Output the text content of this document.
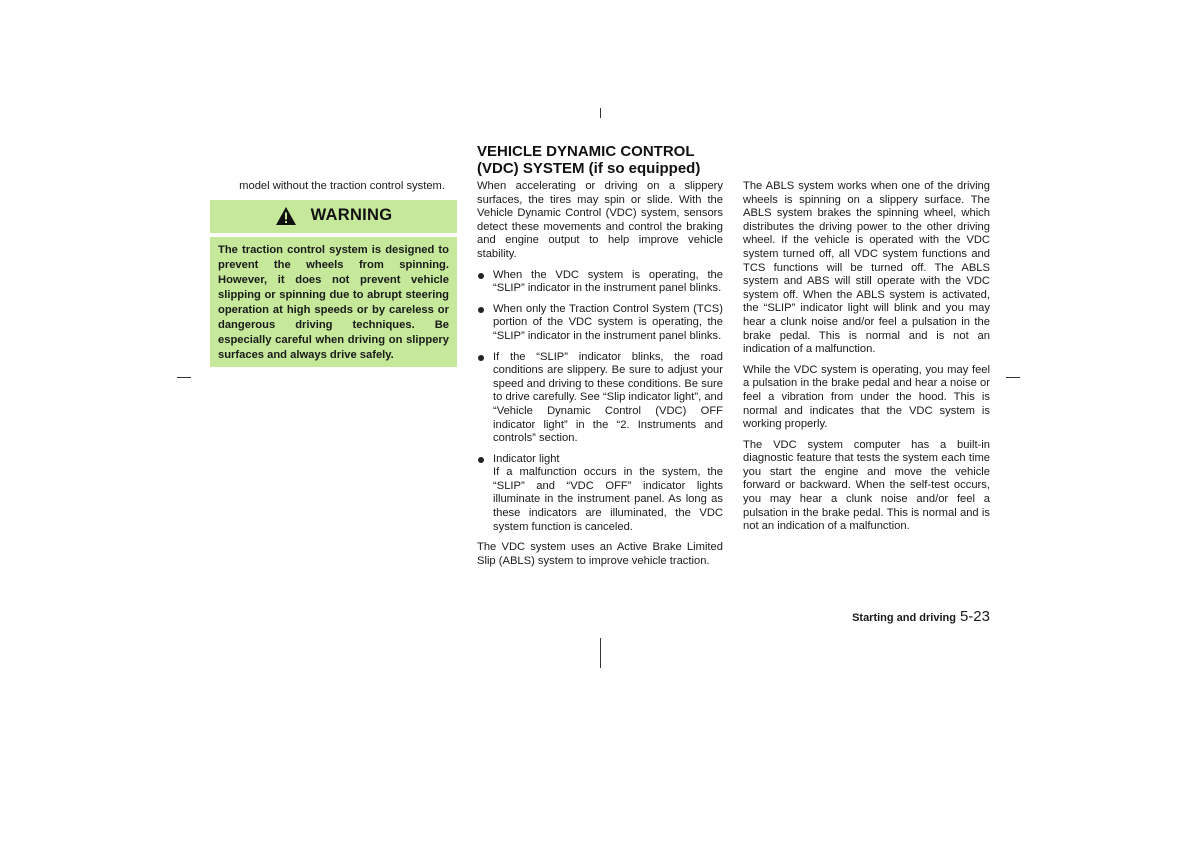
model without the traction control system.
WARNING
The traction control system is designed to prevent the wheels from spinning. However, it does not prevent vehicle slipping or spinning due to abrupt steering operation at high speeds or by careless or dangerous driving techniques. Be especially careful when driving on slippery surfaces and always drive safely.
VEHICLE DYNAMIC CONTROL (VDC) SYSTEM (if so equipped)

When accelerating or driving on a slippery surfaces, the tires may spin or slide. With the Vehicle Dynamic Control (VDC) system, sensors detect these movements and control the braking and engine output to help improve vehicle stability.

When the VDC system is operating, the “SLIP” indicator in the instrument panel blinks.
When only the Traction Control System (TCS) portion of the VDC system is operating, the “SLIP” indicator in the instrument panel blinks.
If the “SLIP” indicator blinks, the road conditions are slippery. Be sure to adjust your speed and driving to these conditions. Be sure to drive carefully. See “Slip indicator light”, and “Vehicle Dynamic Control (VDC) OFF indicator light” in the “2. Instruments and controls” section.
Indicator light
If a malfunction occurs in the system, the “SLIP” and “VDC OFF” indicator lights illuminate in the instrument panel. As long as these indicators are illuminated, the VDC system function is canceled.

The VDC system uses an Active Brake Limited Slip (ABLS) system to improve vehicle traction.

The ABLS system works when one of the driving wheels is spinning on a slippery surface. The ABLS system brakes the spinning wheel, which distributes the driving power to the other driving wheel. If the vehicle is operated with the VDC system turned off, all VDC system functions and TCS functions will be turned off. The ABLS system and ABS will still operate with the VDC system off. When the ABLS system is activated, the “SLIP” indicator light will blink and you may hear a clunk noise and/or feel a pulsation in the brake pedal. This is normal and is not an indication of a malfunction.

While the VDC system is operating, you may feel a pulsation in the brake pedal and hear a noise or feel a vibration from under the hood. This is normal and indicates that the VDC system is working properly.

The VDC system computer has a built-in diagnostic feature that tests the system each time you start the engine and move the vehicle forward or backward. When the self-test occurs, you may hear a clunk noise and/or feel a pulsation in the brake pedal. This is normal and is not an indication of a malfunction.

Starting and driving 5-23
